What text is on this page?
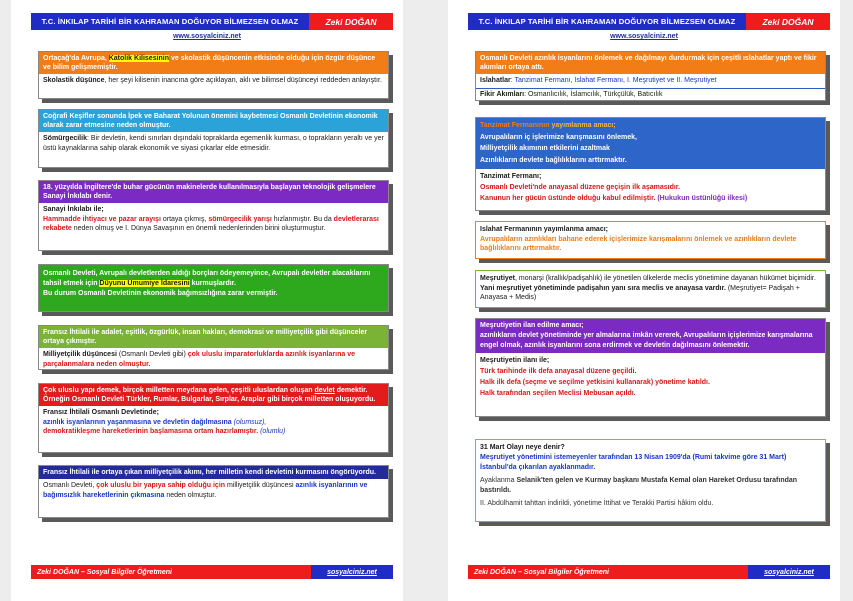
T.C. İNKILAP TARİHİ BİR KAHRAMAN DOĞUYOR BİLMEZSEN OLMAZ	Zeki DOĞAN
www.sosyalciniz.net
Ortaçağ'da Avrupa, Katolik Kilisesinin ve skolastik düşüncenin etkisinde olduğu için özgür düşünce ve bilim gelişmemiştir.
Skolastik düşünce, her şeyi kilisenin inancına göre açıklayan, aklı ve bilimsel düşünceyi reddeden anlayıştır.
Coğrafi Keşifler sonunda İpek ve Baharat Yolunun önemini kaybetmesi Osmanlı Devletinin ekonomik olarak zarar etmesine neden olmuştur.
Sömürgecilik: Bir devletin, kendi sınırları dışındaki topraklarda egemenlik kurması, o toprakların yeraltı ve yer üstü kaynaklarına sahip olarak ekonomik ve siyasi çıkarlar elde etmesidir.
18. yüzyılda İngiltere'de buhar gücünün makinelerde kullanılmasıyla başlayan teknolojik gelişmelere Sanayi İnkılabı denir.
Sanayi İnkılabı ile;
Hammadde ihtiyacı ve pazar arayışı ortaya çıkmış, sömürgecilik yarışı hızlanmıştır. Bu da devletlerarası rekabete neden olmuş ve I. Dünya Savaşının en önemli nedenlerinden birini oluşturmuştur.
Osmanlı Devleti, Avrupalı devletlerden aldığı borçları ödeyemeyince, Avrupalı devletler alacaklarını tahsil etmek için Düyunu Umumiye İdaresini kurmuşlardır.
Bu durum Osmanlı Devletinin ekonomik bağımsızlığına zarar vermiştir.
Fransız İhtilali ile adalet, eşitlik, özgürlük, insan hakları, demokrasi ve milliyetçilik gibi düşünceler ortaya çıkmıştır.
Milliyetçilik düşüncesi (Osmanlı Devleti gibi) çok uluslu imparatorluklarda azınlık isyanlarına ve parçalanmalara neden olmuştur.
Çok uluslu yapı demek, birçok milletten meydana gelen, çeşitli uluslardan oluşan devlet demektir. Örneğin Osmanlı Devleti Türkler, Rumlar, Bulgarlar, Sırplar, Araplar gibi birçok milletten oluşuyordu.
Fransız İhtilali Osmanlı Devletinde;
azınlık isyanlarının yaşanmasına ve devletin dağılmasına (olumsuz),
demokratikleşme hareketlerinin başlamasına ortam hazırlamıştır. (olumlu)
Fransız İhtilali ile ortaya çıkan milliyetçilik akımı, her milletin kendi devletini kurmasını öngörüyordu.
Osmanlı Devleti, çok uluslu bir yapıya sahip olduğu için milliyetçilik düşüncesi azınlık isyanlarının ve bağımsızlık hareketlerinin çıkmasına neden olmuştur.
Zeki DOĞAN – Sosyal Bilgiler Öğretmeni	sosyalciniz.net
T.C. İNKILAP TARİHİ BİR KAHRAMAN DOĞUYOR BİLMEZSEN OLMAZ	Zeki DOĞAN
www.sosyalciniz.net
Osmanlı Devleti azınlık isyanlarını önlemek ve dağılmayı durdurmak için çeşitli ıslahatlar yaptı ve fikir akımları ortaya attı.
Islahatlar: Tanzimat Fermanı, Islahat Fermanı, I. Meşrutiyet ve II. Meşrutiyet
Fikir Akımları: Osmanlıcılık, İslamcılık, Türkçülük, Batıcılık
Tanzimat Fermanının yayımlanma amacı;
Avrupalıların iç işlerimize karışmasını önlemek,
Milliyetçilik akımının etkilerini azaltmak
Azınlıkların devlete bağlılıklarını arttırmaktır.
Tanzimat Fermanı;
Osmanlı Devleti'nde anayasal düzene geçişin ilk aşamasıdır.
Kanunun her gücün üstünde olduğu kabul edilmiştir. (Hukukun üstünlüğü ilkesi)
Islahat Fermanının yayımlanma amacı;
Avrupalıların azınlıkları bahane ederek içişlerimize karışmalarını önlemek ve azınlıkların devlete bağlılıklarını arttırmaktır.
Meşrutiyet, monarşi (krallık/padişahlık) ile yönetilen ülkelerde meclis yönetimine dayanan hükümet biçimidir. Yani meşrutiyet yönetiminde padişahın yanı sıra meclis ve anayasa vardır. (Meşrutiyet= Padişah + Anayasa + Medis)
Meşrutiyetin ilan edilme amacı;
azınlıkların devlet yönetiminde yer almalarına imkân vererek, Avrupalıların içişlerimize karışmalarına engel olmak, azınlık isyanlarını sona erdirmek ve devletin dağılmasını önlemektir.
Meşrutiyetin ilanı ile;
Türk tarihinde ilk defa anayasal düzene geçildi.
Halk ilk defa (seçme ve seçilme yetkisini kullanarak) yönetime katıldı.
Halk tarafından seçilen Meclisi Mebusan açıldı.
31 Mart Olayı neye denir?
Meşrutiyet yönetimini istemeyenler tarafından 13 Nisan 1909'da (Rumi takvime göre 31 Mart) İstanbul'da çıkarılan ayaklanmadır.
Ayaklanma Selanik'ten gelen ve Kurmay başkanı Mustafa Kemal olan Hareket Ordusu tarafından bastırıldı.
II. Abdülhamit tahttan indirildi, yönetime İttihat ve Terakki Partisi hâkim oldu.
Zeki DOĞAN – Sosyal Bilgiler Öğretmeni	sosyalciniz.net
